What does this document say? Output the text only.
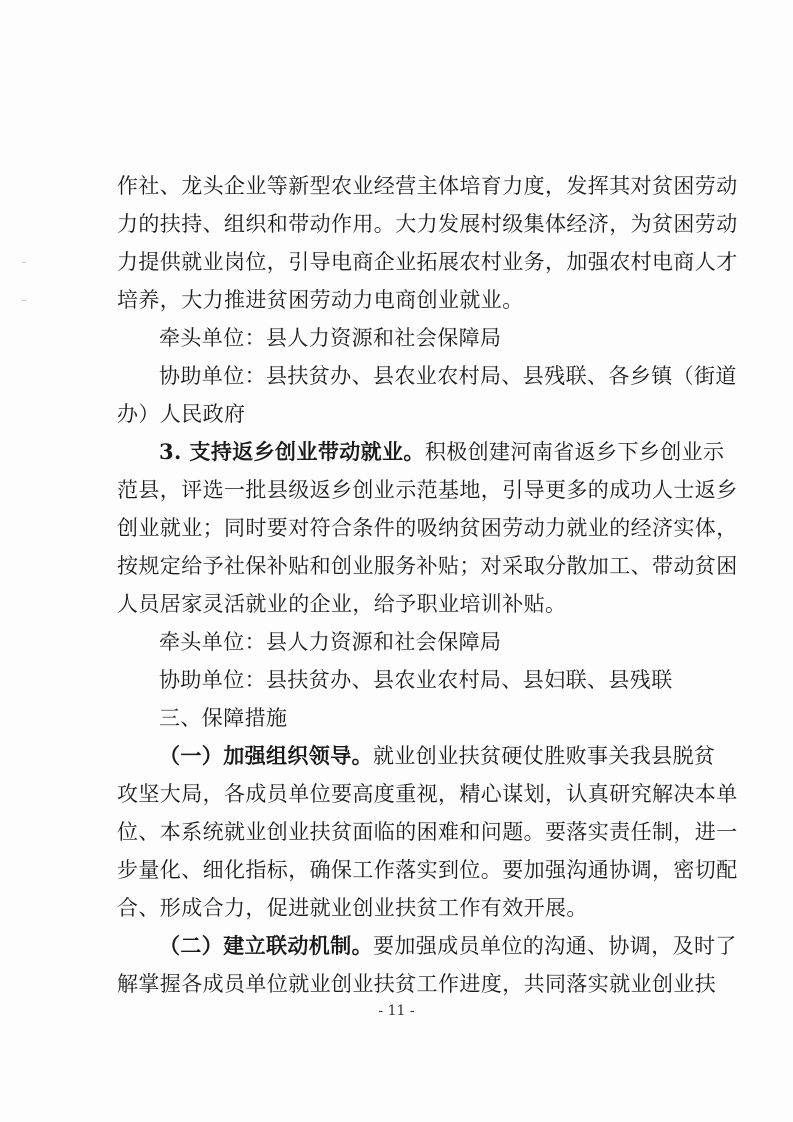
作社、龙头企业等新型农业经营主体培育力度，发挥其对贫困劳动
力的扶持、组织和带动作用。大力发展村级集体经济，为贫困劳动
力提供就业岗位，引导电商企业拓展农村业务，加强农村电商人才
培养，大力推进贫困劳动力电商创业就业。
牵头单位：县人力资源和社会保障局
协助单位：县扶贫办、县农业农村局、县残联、各乡镇（街道
办）人民政府
3. 支持返乡创业带动就业。 积极创建河南省返乡下乡创业示
范县，评选一批县级返乡创业示范基地，引导更多的成功人士返乡
创业就业；同时要对符合条件的吸纳贫困劳动力就业的经济实体，
按规定给予社保补贴和创业服务补贴；对采取分散加工、带动贫困
人员居家灵活就业的企业，给予职业培训补贴。
牵头单位：县人力资源和社会保障局
协助单位：县扶贫办、县农业农村局、县妇联、县残联
三、保障措施
（一）加强组织领导。 就业创业扶贫硬仗胜败事关我县脱贫
攻坚大局，各成员单位要高度重视，精心谋划，认真研究解决本单
位、本系统就业创业扶贫面临的困难和问题。要落实责任制，进一
步量化、细化指标，确保工作落实到位。要加强沟通协调，密切配
合、形成合力，促进就业创业扶贫工作有效开展。
（二）建立联动机制。 要加强成员单位的沟通、协调，及时了
解掌握各成员单位就业创业扶贫工作进度，共同落实就业创业扶
- 11 -
